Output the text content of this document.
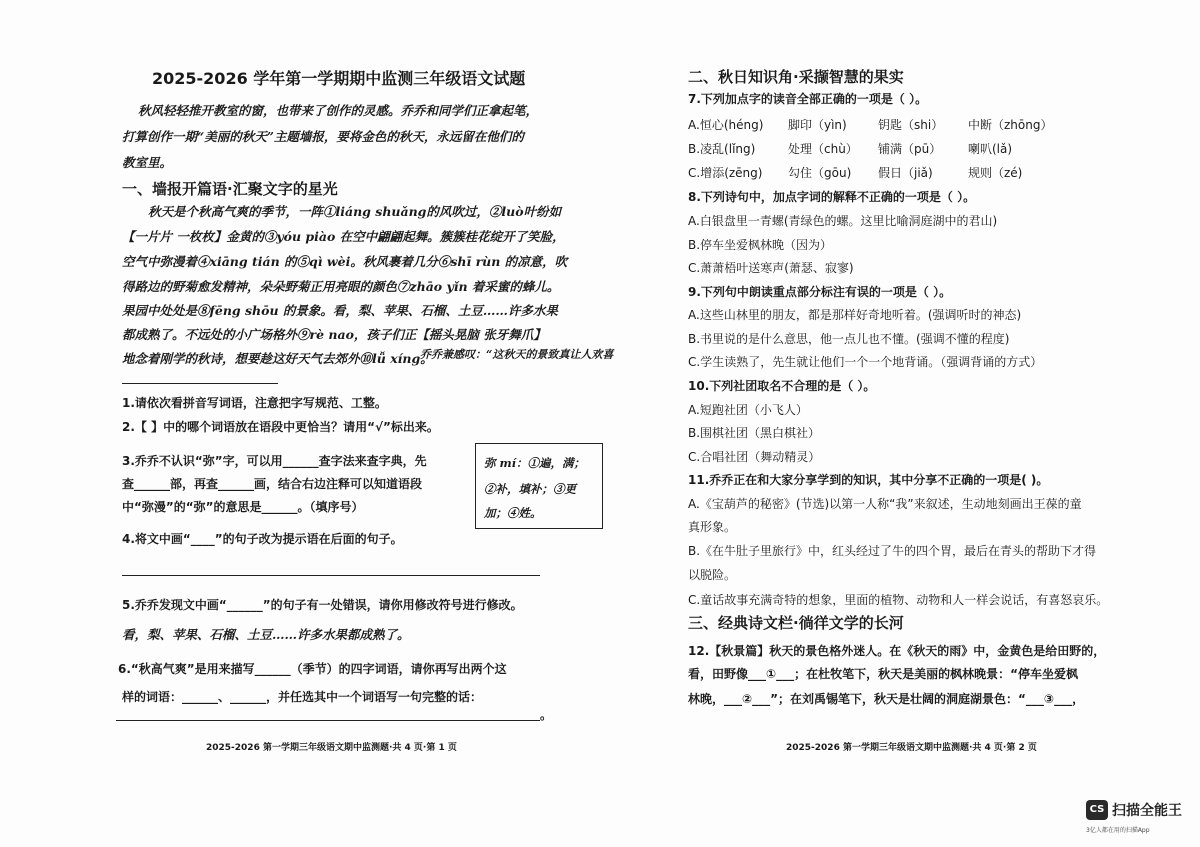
2025-2026 学年第一学期期中监测三年级语文试题
秋风轻轻推开教室的窗，也带来了创作的灵感。乔乔和同学们正拿起笔，
打算创作一期“美丽的秋天”主题墙报，要将金色的秋天，永远留在他们的
教室里。
一、墙报开篇语·汇聚文字的星光
秋天是个秋高气爽的季节，一阵①liáng shuǎng的风吹过，②luò叶纷如
【一片片 一枚枚】金黄的③yóu piào 在空中翩翩起舞。簇簇桂花绽开了笑脸，
空气中弥漫着④xiāng tián 的⑤qì wèi。秋风裹着几分⑥shī rùn 的凉意，吹
得路边的野菊愈发精神，朵朵野菊正用亮眼的颜色⑦zhāo yǐn 着采蜜的蜂儿。
果园中处处是⑧fēng shōu 的景象。看，梨、苹果、石榴、土豆……许多水果
都成熟了。不远处的小广场格外⑨rè nao，孩子们正【摇头晃脑 张牙舞爪】
地念着刚学的秋诗，想要趁这好天气去郊外⑩lǚ xíng。
乔乔兼感叹：“这秋天的景致真让人欢喜
1.请依次看拼音写词语，注意把字写规范、工整。
2.【 】中的哪个词语放在语段中更恰当？请用“√”标出来。
3.乔乔不认识“弥”字，可以用______查字法来查字典，先
查______部，再查______画，结合右边注释可以知道语段
中“弥漫”的“弥”的意思是______。（填序号）
弥 mí：①遍，满；
②补，填补；③更
加；④姓。
4.将文中画“____”的句子改为提示语在后面的句子。
5.乔乔发现文中画“______”的句子有一处错误，请你用修改符号进行修改。
看，梨、苹果、石榴、土豆……许多水果都成熟了。
6.“秋高气爽”是用来描写______（季节）的四字词语，请你再写出两个这
样的词语：______、______，并任选其中一个词语写一句完整的话：
。
2025-2026 第一学期三年级语文期中监测题·共 4 页·第 1 页
二、秋日知识角·采撷智慧的果实
7.下列加点字的读音全部正确的一项是（ ）。
A.恒心(héng) 脚印（yìn)	钥匙（shi） 中断（zhōng）
B.凌乱(lǐng)	处理（chù） 铺满（pū） 喇叭(lǎ)
C.增添(zēng) 勾住（gōu) 假日（jiǎ)	规则（zé)
8.下列诗句中，加点字词的解释不正确的一项是（ ）。
A.白银盘里一青螺(青绿色的螺。这里比喻洞庭湖中的君山)
B.停车坐爱枫林晚（因为）
C.萧萧梧叶送寒声(萧瑟、寂寥)
9.下列句中朗读重点部分标注有误的一项是（ ）。
A.这些山林里的朋友，都是那样好奇地听着。(强调听时的神态)
B.书里说的是什么意思，他一点儿也不懂。(强调不懂的程度)
C.学生读熟了，先生就让他们一个一个地背诵。（强调背诵的方式）
10.下列社团取名不合理的是（ ）。
A.短跑社团（小飞人）
B.围棋社团（黑白棋社）
C.合唱社团（舞动精灵）
11.乔乔正在和大家分享学到的知识，其中分享不正确的一项是( )。
A.《宝葫芦的秘密》(节选)以第一人称“我”来叙述，生动地刻画出王葆的童
真形象。
B.《在牛肚子里旅行》中，红头经过了牛的四个胃，最后在青头的帮助下才得
以脱险。
C.童话故事充满奇特的想象，里面的植物、动物和人一样会说话，有喜怒哀乐。
三、经典诗文栏·徜徉文学的长河
12.【秋景篇】秋天的景色格外迷人。在《秋天的雨》中，金黄色是给田野的，
看，田野像___①___；在杜牧笔下，秋天是美丽的枫林晚景：“停车坐爱枫
林晚，___②___”；在刘禹锡笔下，秋天是壮阔的洞庭湖景色：“___③___，
2025-2026 第一学期三年级语文期中监测题·共 4 页·第 2 页
CS 扫描全能王
3亿人都在用的扫描App
